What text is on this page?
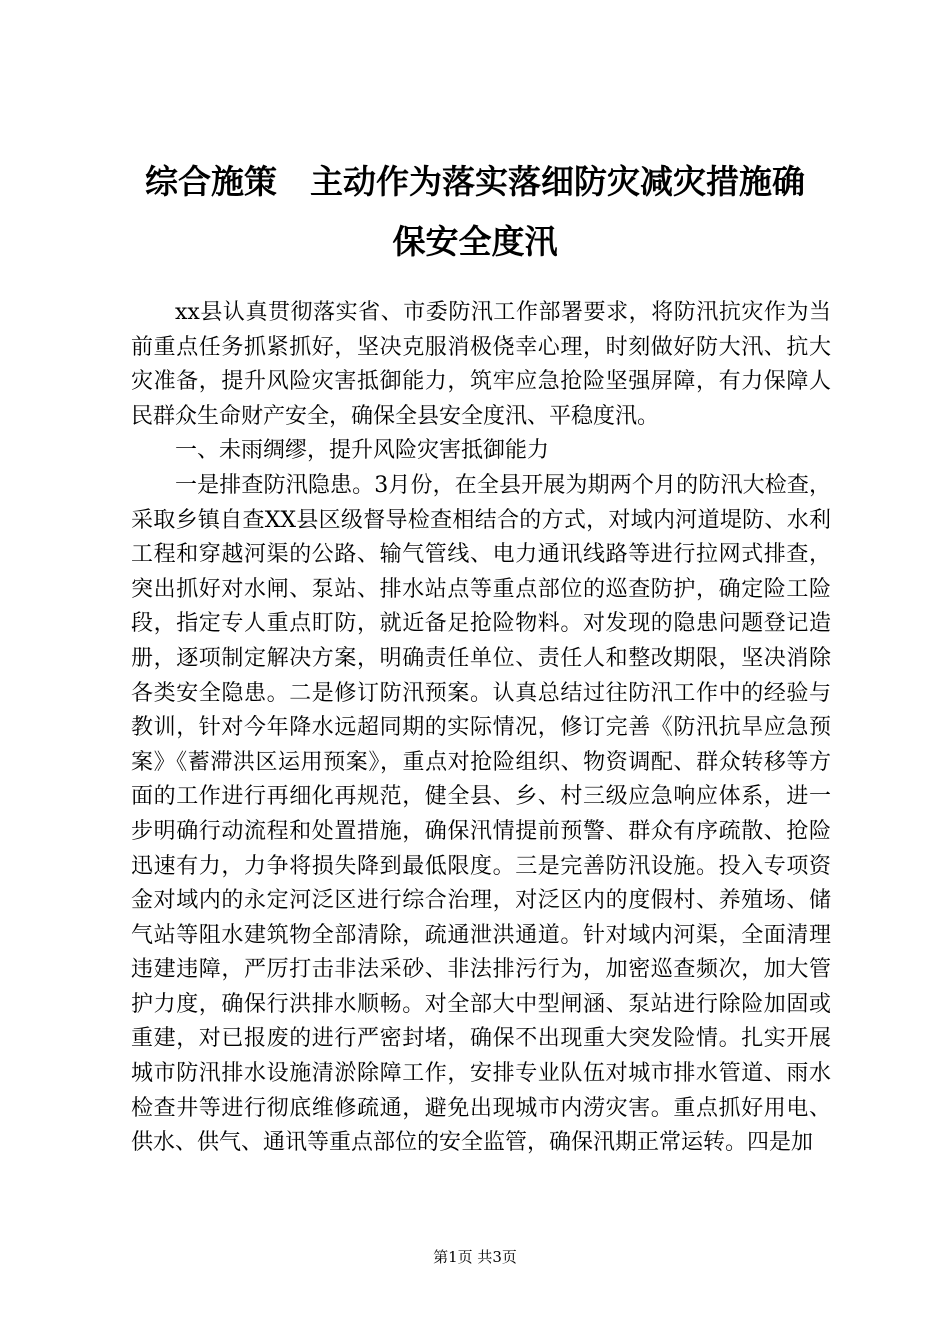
综合施策　主动作为落实落细防灾减灾措施确
保安全度汛

xx县认真贯彻落实省、市委防汛工作部署要求，将防汛抗灾作为当前重点任务抓紧抓好，坚决克服消极侥幸心理，时刻做好防大汛、抗大灾准备，提升风险灾害抵御能力，筑牢应急抢险坚强屏障，有力保障人民群众生命财产安全，确保全县安全度汛、平稳度汛。

一、未雨绸缪，提升风险灾害抵御能力

一是排查防汛隐患。3月份，在全县开展为期两个月的防汛大检查，采取乡镇自查XX县区级督导检查相结合的方式，对域内河道堤防、水利工程和穿越河渠的公路、输气管线、电力通讯线路等进行拉网式排查，突出抓好对水闸、泵站、排水站点等重点部位的巡查防护，确定险工险段，指定专人重点盯防，就近备足抢险物料。对发现的隐患问题登记造册，逐项制定解决方案，明确责任单位、责任人和整改期限，坚决消除各类安全隐患。二是修订防汛预案。认真总结过往防汛工作中的经验与教训，针对今年降水远超同期的实际情况，修订完善《防汛抗旱应急预案》《蓄滞洪区运用预案》，重点对抢险组织、物资调配、群众转移等方面的工作进行再细化再规范，健全县、乡、村三级应急响应体系，进一步明确行动流程和处置措施，确保汛情提前预警、群众有序疏散、抢险迅速有力，力争将损失降到最低限度。三是完善防汛设施。投入专项资金对域内的永定河泛区进行综合治理，对泛区内的度假村、养殖场、储气站等阻水建筑物全部清除，疏通泄洪通道。针对域内河渠，全面清理违建违障，严厉打击非法采砂、非法排污行为，加密巡查频次，加大管护力度，确保行洪排水顺畅。对全部大中型闸涵、泵站进行除险加固或重建，对已报废的进行严密封堵，确保不出现重大突发险情。扎实开展城市防汛排水设施清淤除障工作，安排专业队伍对城市排水管道、雨水检查井等进行彻底维修疏通，避免出现城市内涝灾害。重点抓好用电、供水、供气、通讯等重点部位的安全监管，确保汛期正常运转。四是加

第1页 共3页
